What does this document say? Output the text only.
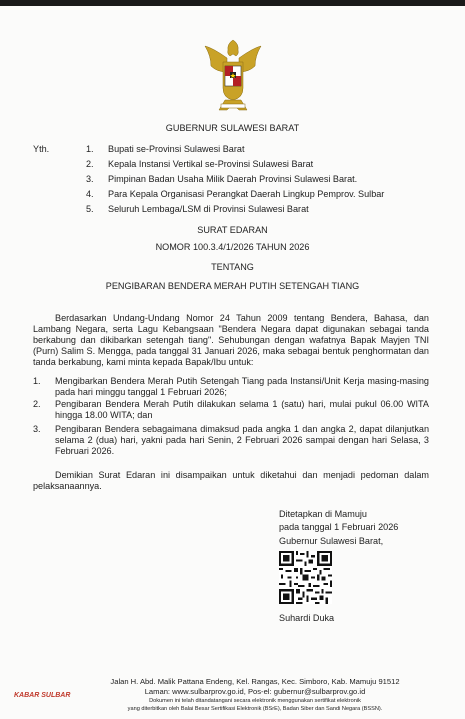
GUBERNUR SULAWESI BARAT
Yth.	1. Bupati se-Provinsi Sulawesi Barat
2. Kepala Instansi Vertikal se-Provinsi Sulawesi Barat
3. Pimpinan Badan Usaha Milik Daerah Provinsi Sulawesi Barat.
4. Para Kepala Organisasi Perangkat Daerah Lingkup Pemprov. Sulbar
5. Seluruh Lembaga/LSM di Provinsi Sulawesi Barat
SURAT EDARAN
NOMOR 100.3.4/1/2026 TAHUN 2026
TENTANG
PENGIBARAN BENDERA MERAH PUTIH SETENGAH TIANG
Berdasarkan Undang-Undang Nomor 24 Tahun 2009 tentang Bendera, Bahasa, dan Lambang Negara, serta Lagu Kebangsaan "Bendera Negara dapat digunakan sebagai tanda berkabung dan dikibarkan setengah tiang". Sehubungan dengan wafatnya Bapak Mayjen TNI (Purn) Salim S. Mengga, pada tanggal 31 Januari 2026, maka sebagai bentuk penghormatan dan tanda berkabung, kami minta kepada Bapak/Ibu untuk:
1. Mengibarkan Bendera Merah Putih Setengah Tiang pada Instansi/Unit Kerja masing-masing pada hari minggu tanggal 1 Februari 2026;
2. Pengibaran Bendera Merah Putih dilakukan selama 1 (satu) hari, mulai pukul 06.00 WITA hingga 18.00 WITA; dan
3. Pengibaran Bendera sebagaimana dimaksud pada angka 1 dan angka 2, dapat dilanjutkan selama 2 (dua) hari, yakni pada hari Senin, 2 Februari 2026 sampai dengan hari Selasa, 3 Februari 2026.
Demikian Surat Edaran ini disampaikan untuk diketahui dan menjadi pedoman dalam pelaksanaannya.
Ditetapkan di Mamuju
pada tanggal 1 Februari 2026
Gubernur Sulawesi Barat,
Suhardi Duka
Jalan H. Abd. Malik Pattana Endeng, Kel. Rangas, Kec. Simboro, Kab. Mamuju 91512
Laman: www.sulbarprov.go.id, Pos-el: gubernur@sulbarprov.go.id
Dokumen ini telah ditandatangani secara elektronik menggunakan sertifikat elektronik
yang diterbitkan oleh Balai Besar Sertifikasi Elektronik (BSrE), Badan Siber dan Sandi Negara (BSSN).
KABAR SULBAR
